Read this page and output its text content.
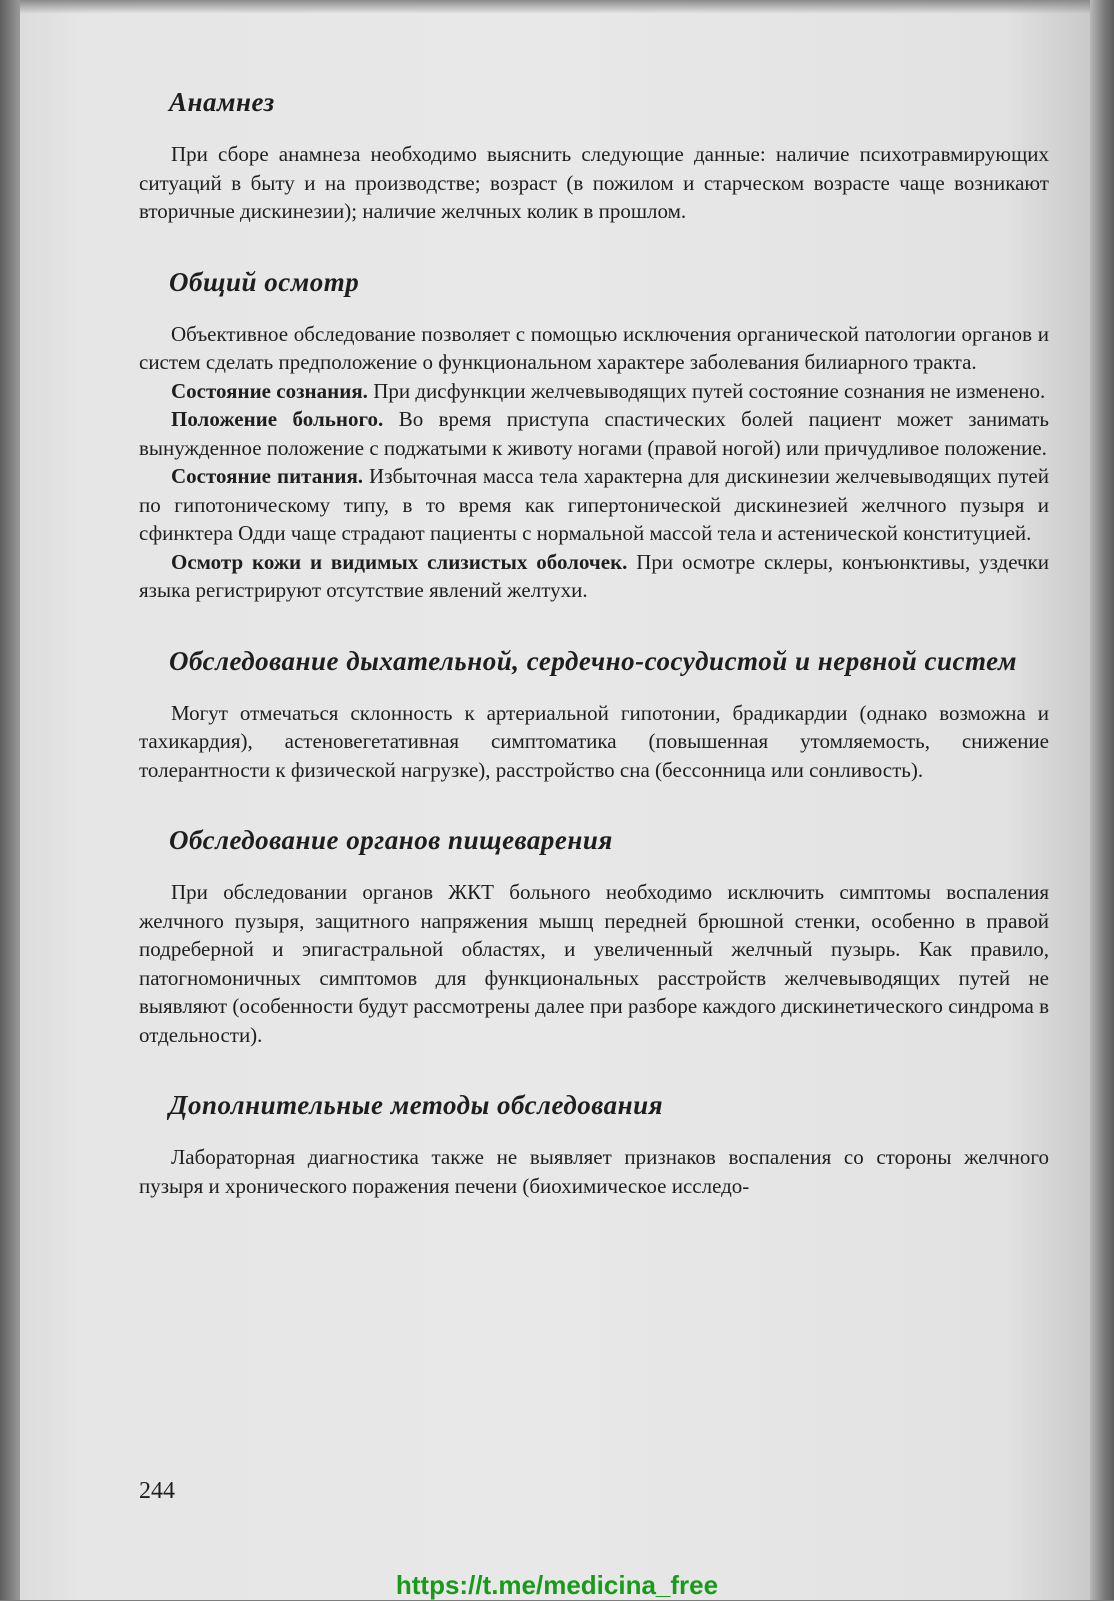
Анамнез

При сборе анамнеза необходимо выяснить следующие данные: наличие психотравмирующих ситуаций в быту и на производстве; возраст (в пожилом и старческом возрасте чаще возникают вторичные дискинезии); наличие желчных колик в прошлом.

Общий осмотр

Объективное обследование позволяет с помощью исключения органической патологии органов и систем сделать предположение о функциональном характере заболевания билиарного тракта.

Состояние сознания. При дисфункции желчевыводящих путей состояние сознания не изменено.

Положение больного. Во время приступа спастических болей пациент может занимать вынужденное положение с поджатыми к животу ногами (правой ногой) или причудливое положение.

Состояние питания. Избыточная масса тела характерна для дискинезии желчевыводящих путей по гипотоническому типу, в то время как гипертонической дискинезией желчного пузыря и сфинктера Одди чаще страдают пациенты с нормальной массой тела и астенической конституцией.

Осмотр кожи и видимых слизистых оболочек. При осмотре склеры, конъюнктивы, уздечки языка регистрируют отсутствие явлений желтухи.

Обследование дыхательной, сердечно-сосудистой и нервной систем

Могут отмечаться склонность к артериальной гипотонии, брадикардии (однако возможна и тахикардия), астеновегетативная симптоматика (повышенная утомляемость, снижение толерантности к физической нагрузке), расстройство сна (бессонница или сонливость).

Обследование органов пищеварения

При обследовании органов ЖКТ больного необходимо исключить симптомы воспаления желчного пузыря, защитного напряжения мышц передней брюшной стенки, особенно в правой подреберной и эпигастральной областях, и увеличенный желчный пузырь. Как правило, патогномоничных симптомов для функциональных расстройств желчевыводящих путей не выявляют (особенности будут рассмотрены далее при разборе каждого дискинетического синдрома в отдельности).

Дополнительные методы обследования

Лабораторная диагностика также не выявляет признаков воспаления со стороны желчного пузыря и хронического поражения печени (биохимическое исследо-

244
https://t.me/medicina_free
